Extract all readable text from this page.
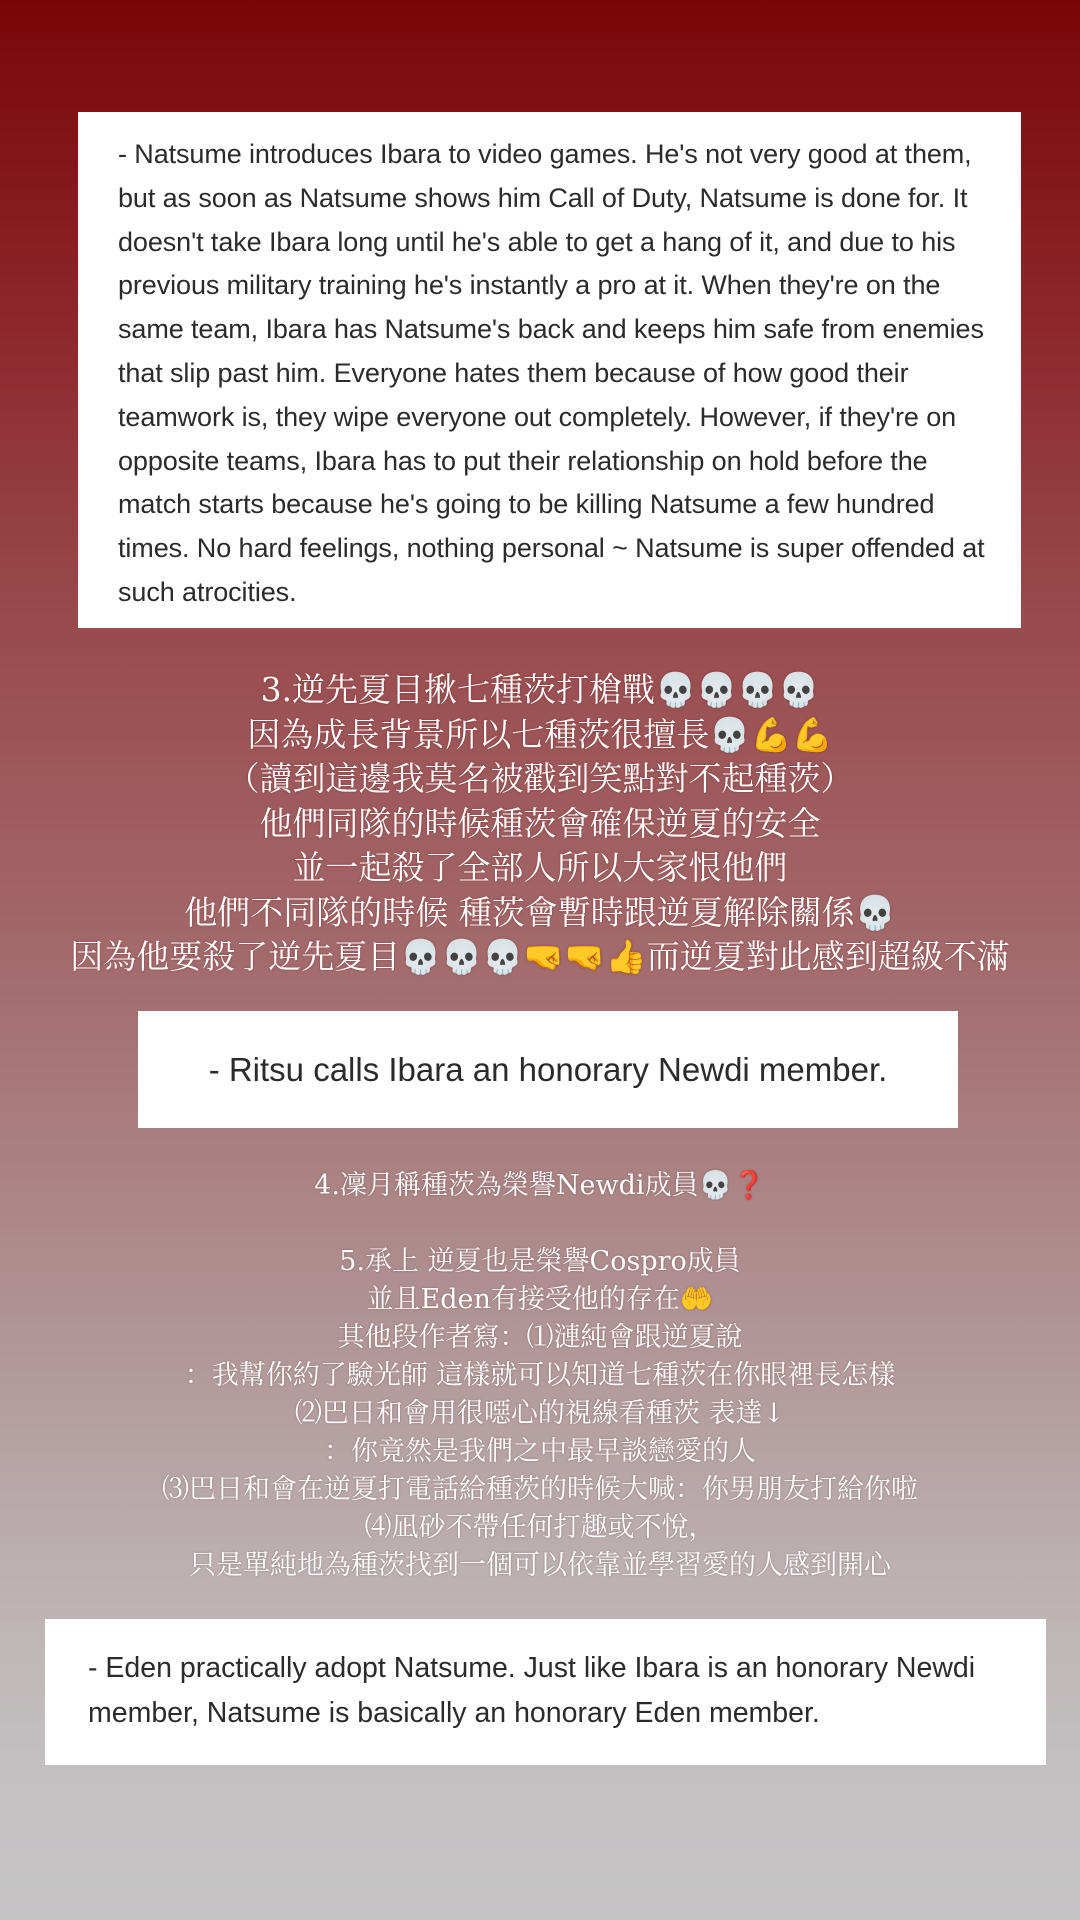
- Natsume introduces Ibara to video games. He's not very good at them, but as soon as Natsume shows him Call of Duty, Natsume is done for. It doesn't take Ibara long until he's able to get a hang of it, and due to his previous military training he's instantly a pro at it. When they're on the same team, Ibara has Natsume's back and keeps him safe from enemies that slip past him. Everyone hates them because of how good their teamwork is, they wipe everyone out completely. However, if they're on opposite teams, Ibara has to put their relationship on hold before the match starts because he's going to be killing Natsume a few hundred times. No hard feelings, nothing personal ~ Natsume is super offended at such atrocities.
3.逆先夏目揪七種茨打槍戰💀💀💀💀
因為成長背景所以七種茨很擅長💀💪💪
（讀到這邊我莫名被戳到笑點對不起種茨）
他們同隊的時候種茨會確保逆夏的安全
並一起殺了全部人所以大家恨他們
他們不同隊的時候 種茨會暫時跟逆夏解除關係💀
因為他要殺了逆先夏目💀💀💀🤜🤜👍而逆夏對此感到超級不滿
- Ritsu calls Ibara an honorary Newdi member.
4.凜月稱種茨為榮譽Newdi成員💀❓
5.承上 逆夏也是榮譽Cospro成員
並且Eden有接受他的存在🤲
其他段作者寫：⑴漣純會跟逆夏說
：我幫你約了驗光師 這樣就可以知道七種茨在你眼裡長怎樣
⑵巴日和會用很噁心的視線看種茨 表達↓
：你竟然是我們之中最早談戀愛的人
⑶巴日和會在逆夏打電話給種茨的時候大喊：你男朋友打給你啦
⑷凪砂不帶任何打趣或不悅，
只是單純地為種茨找到一個可以依靠並學習愛的人感到開心
- Eden practically adopt Natsume. Just like Ibara is an honorary Newdi member, Natsume is basically an honorary Eden member.
